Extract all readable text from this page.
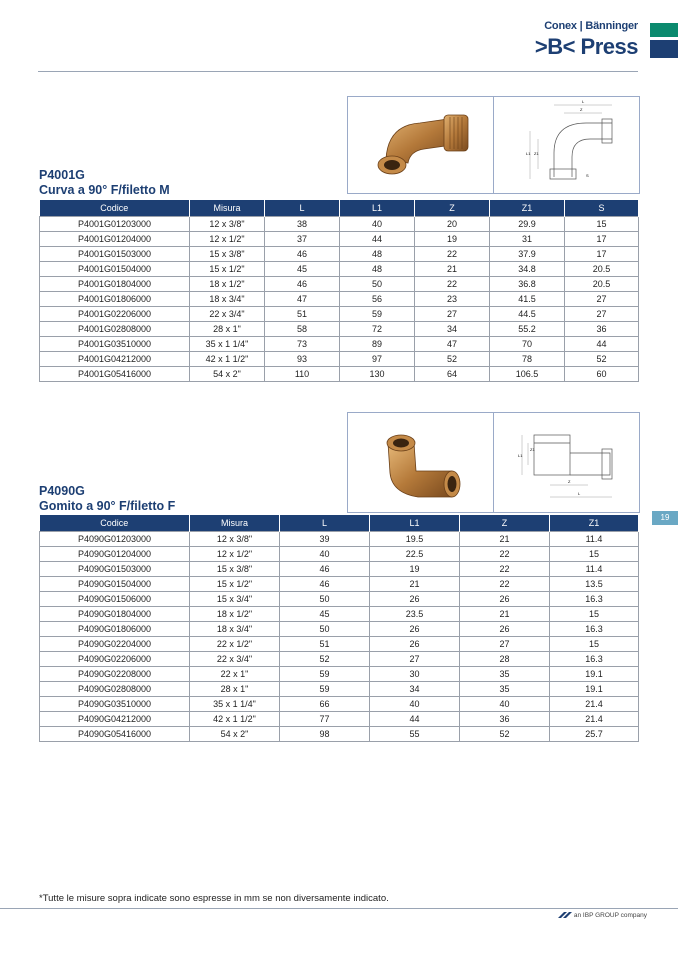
Conex | Bänninger
>B< Press
19
L
Z
Z1
L1
S
P4001G
Curva a 90° F/filetto M
Codice	Misura	L	L1	Z	Z1	S
P4001G01203000	12 x 3/8"	38	40	20	29.9	15
P4001G01204000	12 x 1/2"	37	44	19	31	17
P4001G01503000	15 x 3/8"	46	48	22	37.9	17
P4001G01504000	15 x 1/2"	45	48	21	34.8	20.5
P4001G01804000	18 x 1/2"	46	50	22	36.8	20.5
P4001G01806000	18 x 3/4"	47	56	23	41.5	27
P4001G02206000	22 x 3/4"	51	59	27	44.5	27
P4001G02808000	28 x 1"	58	72	34	55.2	36
P4001G03510000	35 x 1 1/4"	73	89	47	70	44
P4001G04212000	42 x 1 1/2"	93	97	52	78	52
P4001G05416000	54 x 2"	110	130	64	106.5	60
L1
Z1
Z
L
P4090G
Gomito a 90° F/filetto F
Codice	Misura	L	L1	Z	Z1
P4090G01203000	12 x 3/8"	39	19.5	21	11.4
P4090G01204000	12 x 1/2"	40	22.5	22	15
P4090G01503000	15 x 3/8"	46	19	22	11.4
P4090G01504000	15 x 1/2"	46	21	22	13.5
P4090G01506000	15 x 3/4"	50	26	26	16.3
P4090G01804000	18 x 1/2"	45	23.5	21	15
P4090G01806000	18 x 3/4"	50	26	26	16.3
P4090G02204000	22 x 1/2"	51	26	27	15
P4090G02206000	22 x 3/4"	52	27	28	16.3
P4090G02208000	22 x 1"	59	30	35	19.1
P4090G02808000	28 x 1"	59	34	35	19.1
P4090G03510000	35 x 1 1/4"	66	40	40	21.4
P4090G04212000	42 x 1 1/2"	77	44	36	21.4
P4090G05416000	54 x 2"	98	55	52	25.7
*Tutte le misure sopra indicate sono espresse in mm se non diversamente indicato.
an IBP GROUP company
